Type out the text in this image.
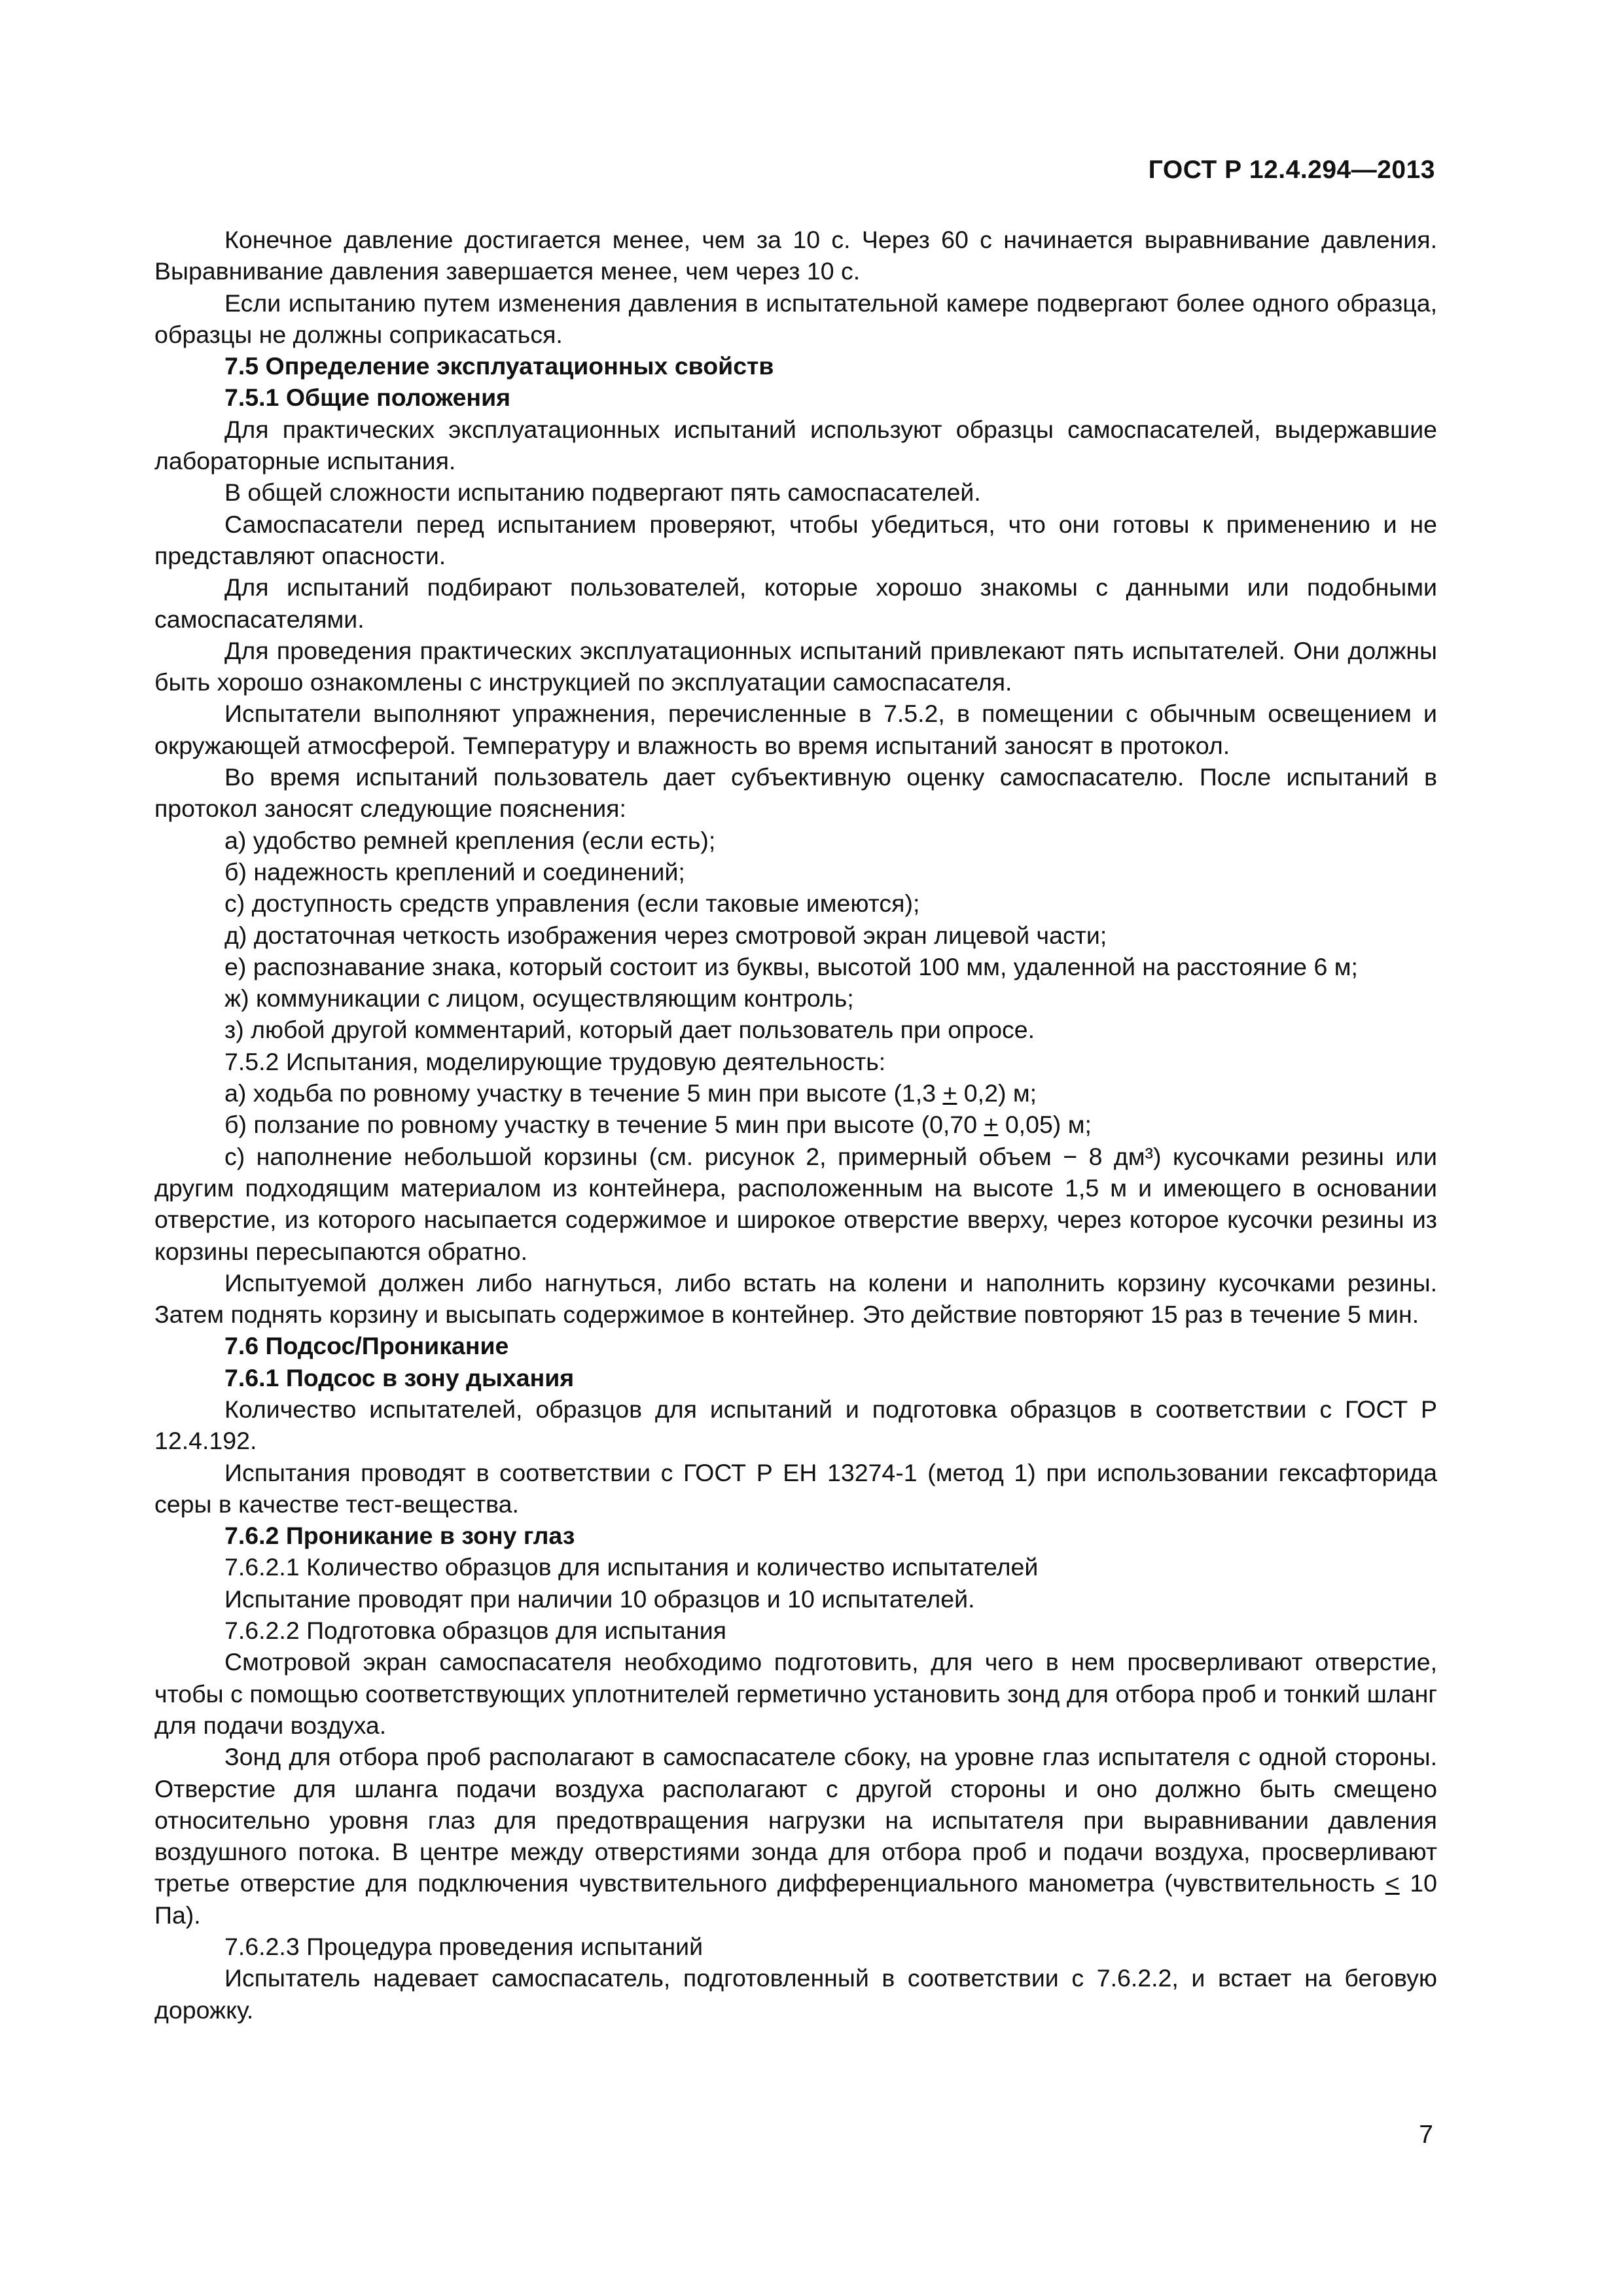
ГОСТ Р 12.4.294—2013

Конечное давление достигается менее, чем за 10 с. Через 60 с начинается выравнивание давления. Выравнивание давления завершается менее, чем через 10 с.

Если испытанию путем изменения давления в испытательной камере подвергают более одного образца, образцы не должны соприкасаться.

7.5 Определение эксплуатационных свойств

7.5.1 Общие положения

Для практических эксплуатационных испытаний используют образцы самоспасателей, выдержавшие лабораторные испытания.

В общей сложности испытанию подвергают пять самоспасателей.

Самоспасатели перед испытанием проверяют, чтобы убедиться, что они готовы к применению и не представляют опасности.

Для испытаний подбирают пользователей, которые хорошо знакомы с данными или подобными самоспасателями.

Для проведения практических эксплуатационных испытаний привлекают пять испытателей. Они должны быть хорошо ознакомлены с инструкцией по эксплуатации самоспасателя.

Испытатели выполняют упражнения, перечисленные в 7.5.2, в помещении с обычным освещением и окружающей атмосферой. Температуру и влажность во время испытаний заносят в протокол.

Во время испытаний пользователь дает субъективную оценку самоспасателю. После испытаний в протокол заносят следующие пояснения:

а) удобство ремней крепления (если есть);

б) надежность креплений и соединений;

с) доступность средств управления (если таковые имеются);

д) достаточная четкость изображения через смотровой экран лицевой части;

е) распознавание знака, который состоит из буквы, высотой 100 мм, удаленной на расстояние 6 м;

ж) коммуникации с лицом, осуществляющим контроль;

з) любой другой комментарий, который дает пользователь при опросе.

7.5.2 Испытания, моделирующие трудовую деятельность:

а) ходьба по ровному участку в течение 5 мин при высоте (1,3 + 0,2) м;

б) ползание по ровному участку в течение 5 мин при высоте (0,70 + 0,05) м;

с) наполнение небольшой корзины (см. рисунок 2, примерный объем − 8 дм³) кусочками резины или другим подходящим материалом из контейнера, расположенным на высоте 1,5 м и имеющего в основании отверстие, из которого насыпается содержимое и широкое отверстие вверху, через которое кусочки резины из корзины пересыпаются обратно.

Испытуемой должен либо нагнуться, либо встать на колени и наполнить корзину кусочками резины. Затем поднять корзину и высыпать содержимое в контейнер. Это действие повторяют 15 раз в течение 5 мин.

7.6 Подсос/Проникание

7.6.1 Подсос в зону дыхания

Количество испытателей, образцов для испытаний и подготовка образцов в соответствии с ГОСТ Р 12.4.192.

Испытания проводят в соответствии с ГОСТ Р ЕН 13274-1 (метод 1) при использовании гексафторида серы в качестве тест-вещества.

7.6.2 Проникание в зону глаз

7.6.2.1 Количество образцов для испытания и количество испытателей

Испытание проводят при наличии 10 образцов и 10 испытателей.

7.6.2.2 Подготовка образцов для испытания

Смотровой экран самоспасателя необходимо подготовить, для чего в нем просверливают отверстие, чтобы с помощью соответствующих уплотнителей герметично установить зонд для отбора проб и тонкий шланг для подачи воздуха.

Зонд для отбора проб располагают в самоспасателе сбоку, на уровне глаз испытателя с одной стороны. Отверстие для шланга подачи воздуха располагают с другой стороны и оно должно быть смещено относительно уровня глаз для предотвращения нагрузки на испытателя при выравнивании давления воздушного потока. В центре между отверстиями зонда для отбора проб и подачи воздуха, просверливают третье отверстие для подключения чувствительного дифференциального манометра (чувствительность ≤ 10 Па).

7.6.2.3 Процедура проведения испытаний

Испытатель надевает самоспасатель, подготовленный в соответствии с 7.6.2.2, и встает на беговую дорожку.

7
